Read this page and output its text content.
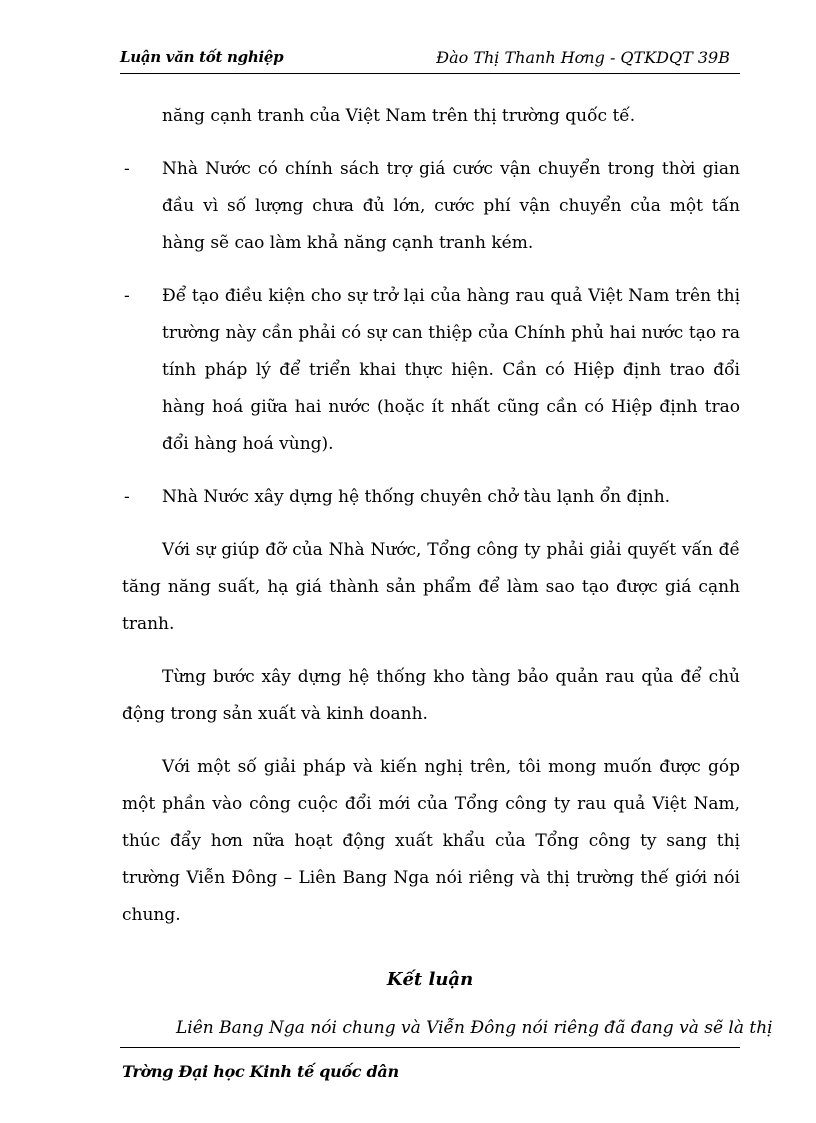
Luận văn tốt nghiệp	Đào Thị Thanh Hơng - QTKDQT 39B

năng cạnh tranh của Việt Nam trên thị trường quốc tế.

- Nhà Nước có chính sách trợ giá cước vận chuyển trong thời gian đầu vì số lượng chưa đủ lớn, cước phí vận chuyển của một tấn hàng sẽ cao làm khả năng cạnh tranh kém.

- Để tạo điều kiện cho sự trở lại của hàng rau quả Việt Nam trên thị trường này cần phải có sự can thiệp của Chính phủ hai nước tạo ra tính pháp lý để triển khai thực hiện. Cần có Hiệp định trao đổi hàng hoá giữa hai nước (hoặc ít nhất cũng cần có Hiệp định trao đổi hàng hoá vùng).

- Nhà Nước xây dựng hệ thống chuyên chở tàu lạnh ổn định.

Với sự giúp đỡ của Nhà Nước, Tổng công ty phải giải quyết vấn đề tăng năng suất, hạ giá thành sản phẩm để làm sao tạo được giá cạnh tranh.

Từng bước xây dựng hệ thống kho tàng bảo quản rau qủa để chủ động trong sản xuất và kinh doanh.

Với một số giải pháp và kiến nghị trên, tôi mong muốn được góp một phần vào công cuộc đổi mới của Tổng công ty rau quả Việt Nam, thúc đẩy hơn nữa hoạt động xuất khẩu của Tổng công ty sang thị trường Viễn Đông – Liên Bang Nga nói riêng và thị trường thế giới nói chung.

Kết luận
Liên Bang Nga nói chung và Viễn Đông nói riêng đã đang và sẽ là thị
Trờng Đại học Kinh tế quốc dân
